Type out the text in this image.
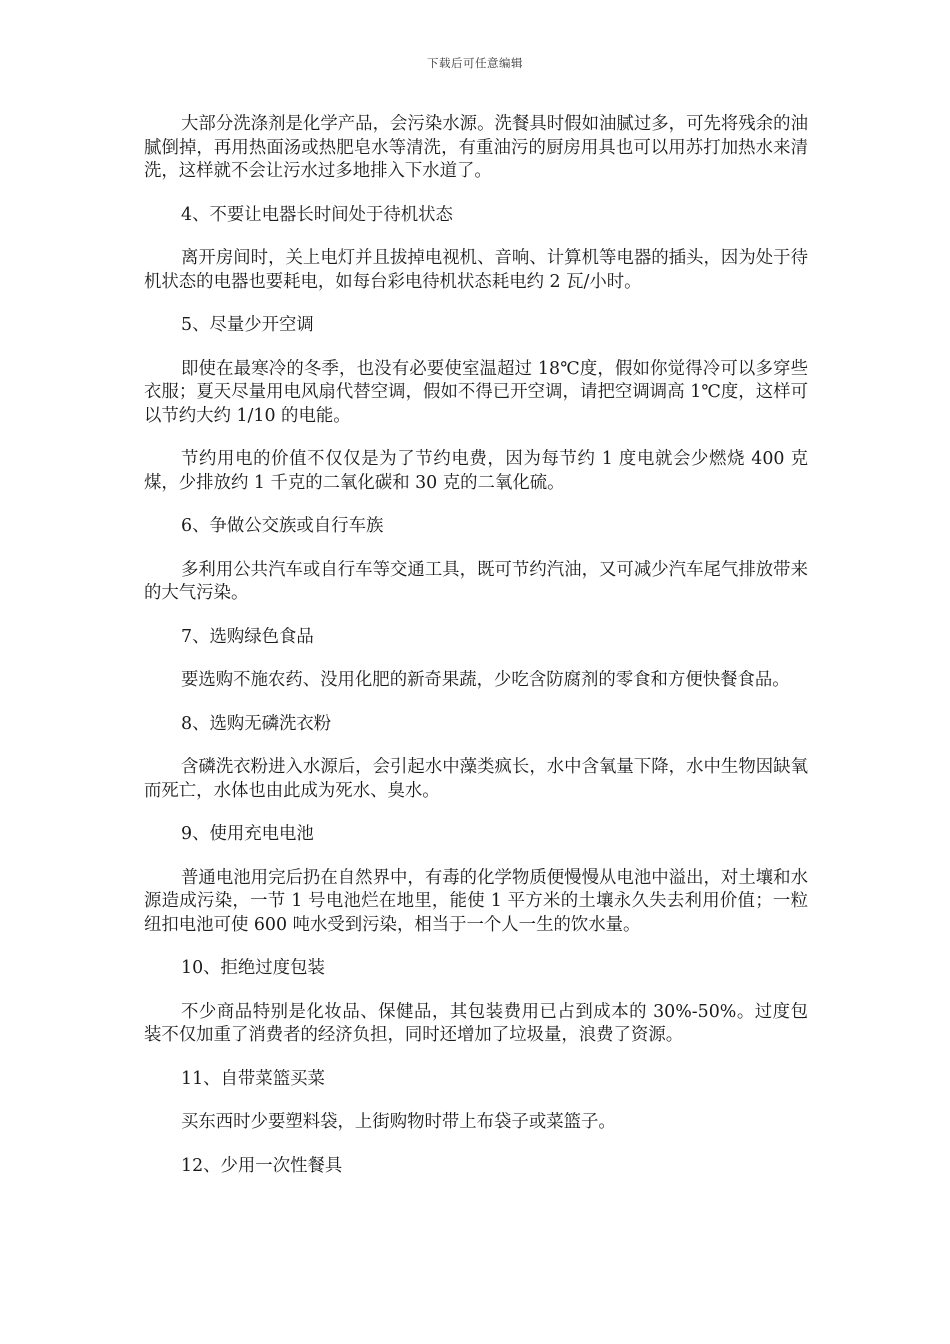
下载后可任意编辑

大部分洗涤剂是化学产品，会污染水源。洗餐具时假如油腻过多，可先将残余的油腻倒掉，再用热面汤或热肥皂水等清洗，有重油污的厨房用具也可以用苏打加热水来清洗，这样就不会让污水过多地排入下水道了。

4、不要让电器长时间处于待机状态

离开房间时，关上电灯并且拔掉电视机、音响、计算机等电器的插头，因为处于待机状态的电器也要耗电，如每台彩电待机状态耗电约 2 瓦/小时。

5、尽量少开空调

即使在最寒冷的冬季，也没有必要使室温超过 18℃度，假如你觉得冷可以多穿些衣服；夏天尽量用电风扇代替空调，假如不得已开空调，请把空调调高 1℃度，这样可以节约大约 1/10 的电能。

节约用电的价值不仅仅是为了节约电费，因为每节约 1 度电就会少燃烧 400 克煤，少排放约 1 千克的二氧化碳和 30 克的二氧化硫。

6、争做公交族或自行车族

多利用公共汽车或自行车等交通工具，既可节约汽油，又可减少汽车尾气排放带来的大气污染。

7、选购绿色食品

要选购不施农药、没用化肥的新奇果蔬，少吃含防腐剂的零食和方便快餐食品。

8、选购无磷洗衣粉

含磷洗衣粉进入水源后，会引起水中藻类疯长，水中含氧量下降，水中生物因缺氧而死亡，水体也由此成为死水、臭水。

9、使用充电电池

普通电池用完后扔在自然界中，有毒的化学物质便慢慢从电池中溢出，对土壤和水源造成污染，一节 1 号电池烂在地里，能使 1 平方米的土壤永久失去利用价值；一粒纽扣电池可使 600 吨水受到污染，相当于一个人一生的饮水量。

10、拒绝过度包装

不少商品特别是化妆品、保健品，其包装费用已占到成本的 30%-50%。过度包装不仅加重了消费者的经济负担，同时还增加了垃圾量，浪费了资源。

11、自带菜篮买菜

买东西时少要塑料袋，上街购物时带上布袋子或菜篮子。

12、少用一次性餐具
